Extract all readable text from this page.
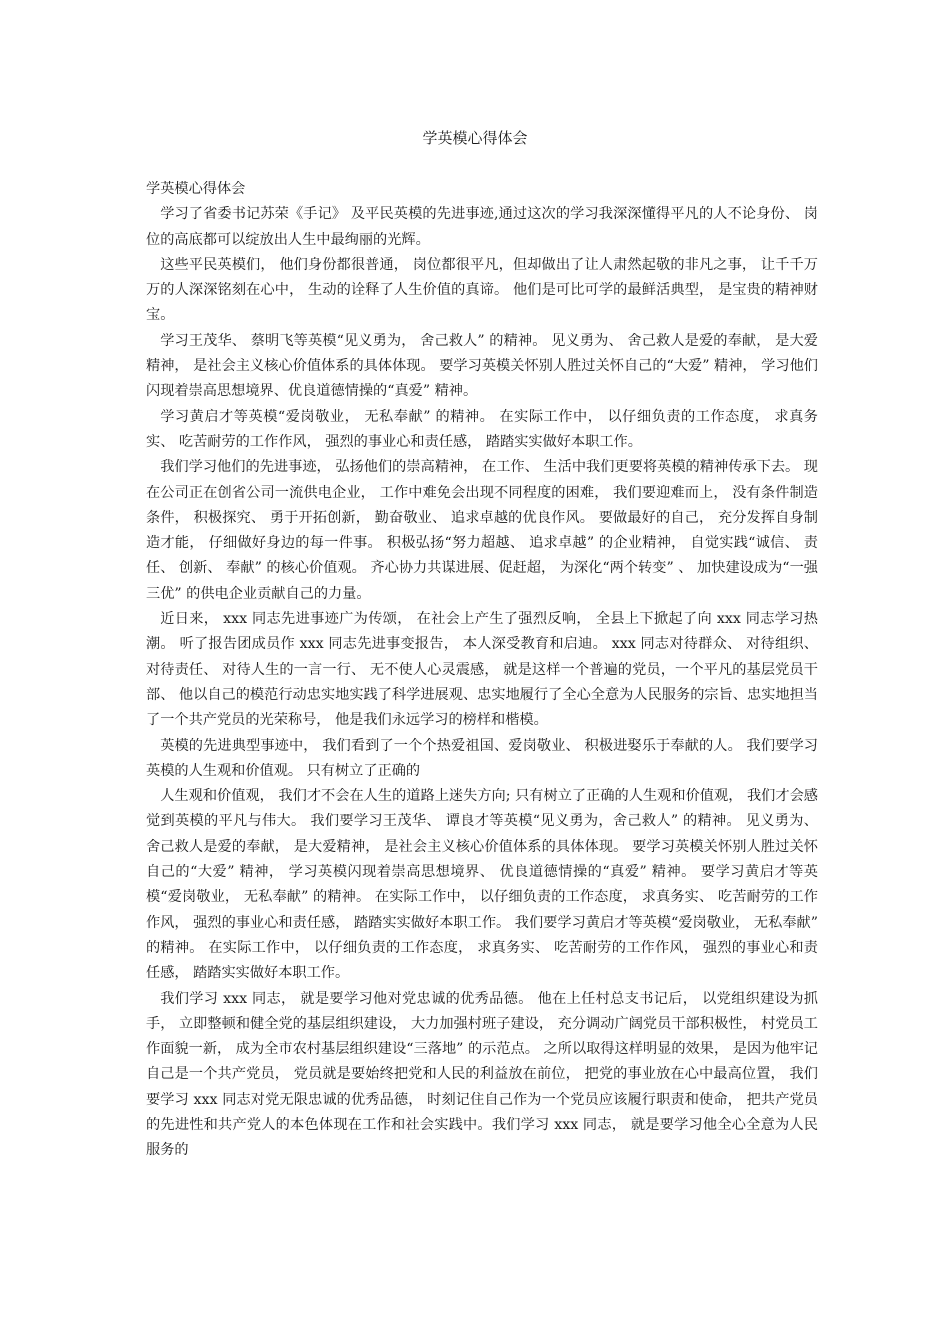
学英模心得体会

学英模心得体会

学习了省委书记苏荣《手记》 及平民英模的先进事迹,通过这次的学习我深深懂得平凡的人不论身份、 岗位的高底都可以绽放出人生中最绚丽的光辉。

这些平民英模们， 他们身份都很普通， 岗位都很平凡，但却做出了让人肃然起敬的非凡之事， 让千千万万的人深深铭刻在心中， 生动的诠释了人生价值的真谛。 他们是可比可学的最鲜活典型， 是宝贵的精神财宝。

学习王茂华、 蔡明飞等英模“见义勇为， 舍己救人” 的精神。 见义勇为、 舍己救人是爱的奉献， 是大爱精神， 是社会主义核心价值体系的具体体现。 要学习英模关怀别人胜过关怀自己的“大爱” 精神， 学习他们闪现着崇高思想境界、优良道德情操的“真爱” 精神。

学习黄启才等英模“爱岗敬业， 无私奉献” 的精神。 在实际工作中， 以仔细负责的工作态度， 求真务实、 吃苦耐劳的工作作风， 强烈的事业心和责任感， 踏踏实实做好本职工作。

我们学习他们的先进事迹， 弘扬他们的崇高精神， 在工作、 生活中我们更要将英模的精神传承下去。 现在公司正在创省公司一流供电企业， 工作中难免会出现不同程度的困难， 我们要迎难而上， 没有条件制造条件， 积极探究、 勇于开拓创新， 勤奋敬业、 追求卓越的优良作风。 要做最好的自己， 充分发挥自身制造才能， 仔细做好身边的每一件事。 积极弘扬“努力超越、 追求卓越” 的企业精神， 自觉实践“诚信、 责任、 创新、 奉献” 的核心价值观。 齐心协力共谋进展、促赶超， 为深化“两个转变” 、 加快建设成为“一强三优” 的供电企业贡献自己的力量。

近日来， xxx 同志先进事迹广为传颂， 在社会上产生了强烈反响， 全县上下掀起了向 xxx 同志学习热潮。 听了报告团成员作 xxx 同志先进事变报告， 本人深受教育和启迪。 xxx 同志对待群众、 对待组织、 对待责任、 对待人生的一言一行、 无不使人心灵震感， 就是这样一个普遍的党员，一个平凡的基层党员干部、 他以自己的模范行动忠实地实践了科学进展观、忠实地履行了全心全意为人民服务的宗旨、忠实地担当了一个共产党员的光荣称号， 他是我们永远学习的榜样和楷模。

英模的先进典型事迹中， 我们看到了一个个热爱祖国、爱岗敬业、 积极进娶乐于奉献的人。 我们要学习英模的人生观和价值观。 只有树立了正确的

人生观和价值观， 我们才不会在人生的道路上迷失方向; 只有树立了正确的人生观和价值观， 我们才会感觉到英模的平凡与伟大。 我们要学习王茂华、 谭良才等英模“见义勇为，舍己救人” 的精神。 见义勇为、 舍己救人是爱的奉献， 是大爱精神， 是社会主义核心价值体系的具体体现。 要学习英模关怀别人胜过关怀自己的“大爱” 精神， 学习英模闪现着崇高思想境界、 优良道德情操的“真爱” 精神。 要学习黄启才等英模“爱岗敬业， 无私奉献” 的精神。 在实际工作中， 以仔细负责的工作态度， 求真务实、 吃苦耐劳的工作作风， 强烈的事业心和责任感， 踏踏实实做好本职工作。 我们要学习黄启才等英模“爱岗敬业， 无私奉献” 的精神。 在实际工作中， 以仔细负责的工作态度， 求真务实、 吃苦耐劳的工作作风， 强烈的事业心和责任感， 踏踏实实做好本职工作。

我们学习 xxx 同志， 就是要学习他对党忠诚的优秀品德。 他在上任村总支书记后， 以党组织建设为抓手， 立即整顿和健全党的基层组织建设， 大力加强村班子建设， 充分调动广阔党员干部积极性， 村党员工作面貌一新， 成为全市农村基层组织建设“三落地” 的示范点。 之所以取得这样明显的效果， 是因为他牢记自己是一个共产党员， 党员就是要始终把党和人民的利益放在前位， 把党的事业放在心中最高位置， 我们要学习 xxx 同志对党无限忠诚的优秀品德， 时刻记住自己作为一个党员应该履行职责和使命， 把共产党员的先进性和共产党人的本色体现在工作和社会实践中。我们学习 xxx 同志， 就是要学习他全心全意为人民服务的
